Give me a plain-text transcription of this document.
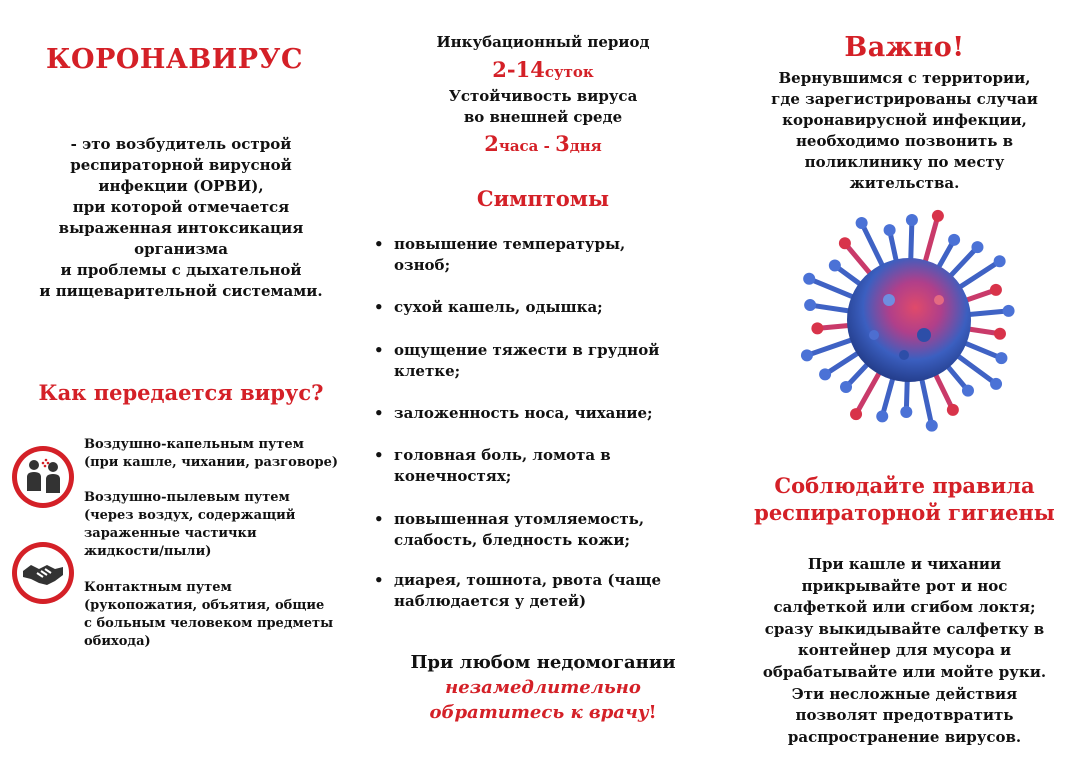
КОРОНАВИРУС

- это возбудитель острой
респираторной вирусной
инфекции (ОРВИ),
при которой отмечается
выраженная интоксикация
организма
и проблемы с дыхательной
и пищеварительной системами.

Как передается вирус?
Воздушно-капельным путем
(при кашле, чихании, разговоре)
Воздушно-пылевым путем
(через воздух, содержащий
зараженные частички
жидкости/пыли)
Контактным путем
(рукопожатия, объятия, общие
с больным человеком предметы
обихода)
Инкубационный период
2-14суток
Устойчивость вируса
во внешней среде
2часа - 3дня
Симптомы
• повышение температуры,
озноб;
• сухой кашель, одышка;
• ощущение тяжести в грудной
клетке;
• заложенность носа, чихание;
• головная боль, ломота в
конечностях;
• повышенная утомляемость,
слабость, бледность кожи;
• диарея, тошнота, рвота (чаще
наблюдается у детей)
При любом недомогании
незамедлительно
обратитесь к врачу!
Важно!

Вернувшимся с территории,
где зарегистрированы случаи
коронавирусной инфекции,
необходимо позвонить в
поликлинику по месту
жительства.

Соблюдайте правила
респираторной гигиены

При кашле и чихании
прикрывайте рот и нос
салфеткой или сгибом локтя;
сразу выкидывайте салфетку в
контейнер для мусора и
обрабатывайте или мойте руки.
Эти несложные действия
позволят предотвратить
распространение вирусов.
